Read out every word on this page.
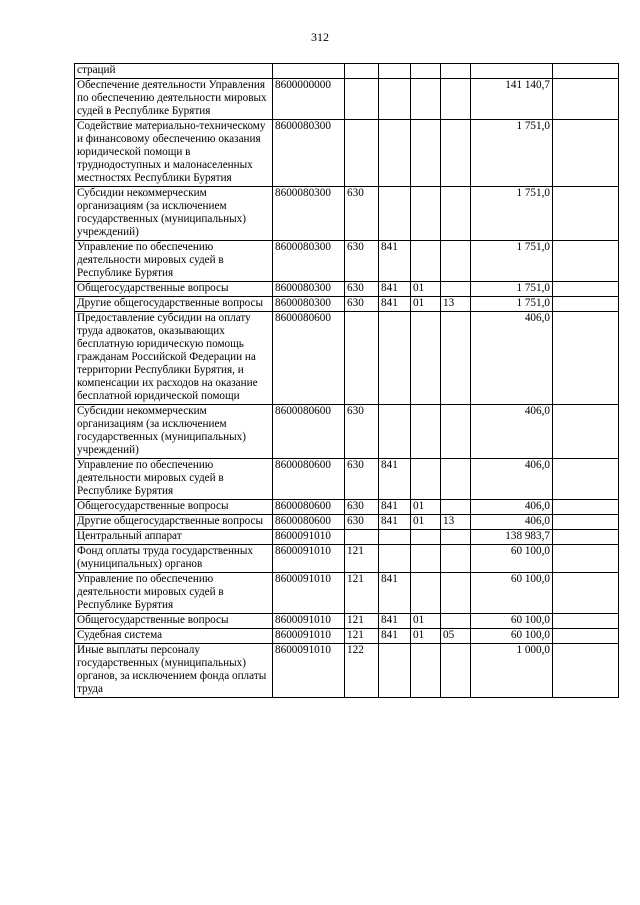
312
страций							
Обеспечение деятельности Управления по обеспечению деятельности мировых судей в Республике Бурятия	8600000000					141 140,7	
Содействие материально-техническому и финансовому обеспечению оказания юридической помощи в труднодоступных и малонаселенных местностях Республики Бурятия	8600080300					1 751,0	
Субсидии некоммерческим организациям (за исключением государственных (муниципальных) учреждений)	8600080300	630				1 751,0	
Управление по обеспечению деятельности мировых судей в Республике Бурятия	8600080300	630	841			1 751,0	
Общегосударственные вопросы	8600080300	630	841	01		1 751,0	
Другие общегосударственные вопросы	8600080300	630	841	01	13	1 751,0	
Предоставление субсидии на оплату труда адвокатов, оказывающих бесплатную юридическую помощь гражданам Российской Федерации на территории Республики Бурятия, и компенсации их расходов на оказание бесплатной юридической помощи	8600080600					406,0	
Субсидии некоммерческим организациям (за исключением государственных (муниципальных) учреждений)	8600080600	630				406,0	
Управление по обеспечению деятельности мировых судей в Республике Бурятия	8600080600	630	841			406,0	
Общегосударственные вопросы	8600080600	630	841	01		406,0	
Другие общегосударственные вопросы	8600080600	630	841	01	13	406,0	
Центральный аппарат	8600091010					138 983,7	
Фонд оплаты труда государственных (муниципальных) органов	8600091010	121				60 100,0	
Управление по обеспечению деятельности мировых судей в Республике Бурятия	8600091010	121	841			60 100,0	
Общегосударственные вопросы	8600091010	121	841	01		60 100,0	
Судебная система	8600091010	121	841	01	05	60 100,0	
Иные выплаты персоналу государственных (муниципальных) органов, за исключением фонда оплаты труда	8600091010	122				1 000,0	
